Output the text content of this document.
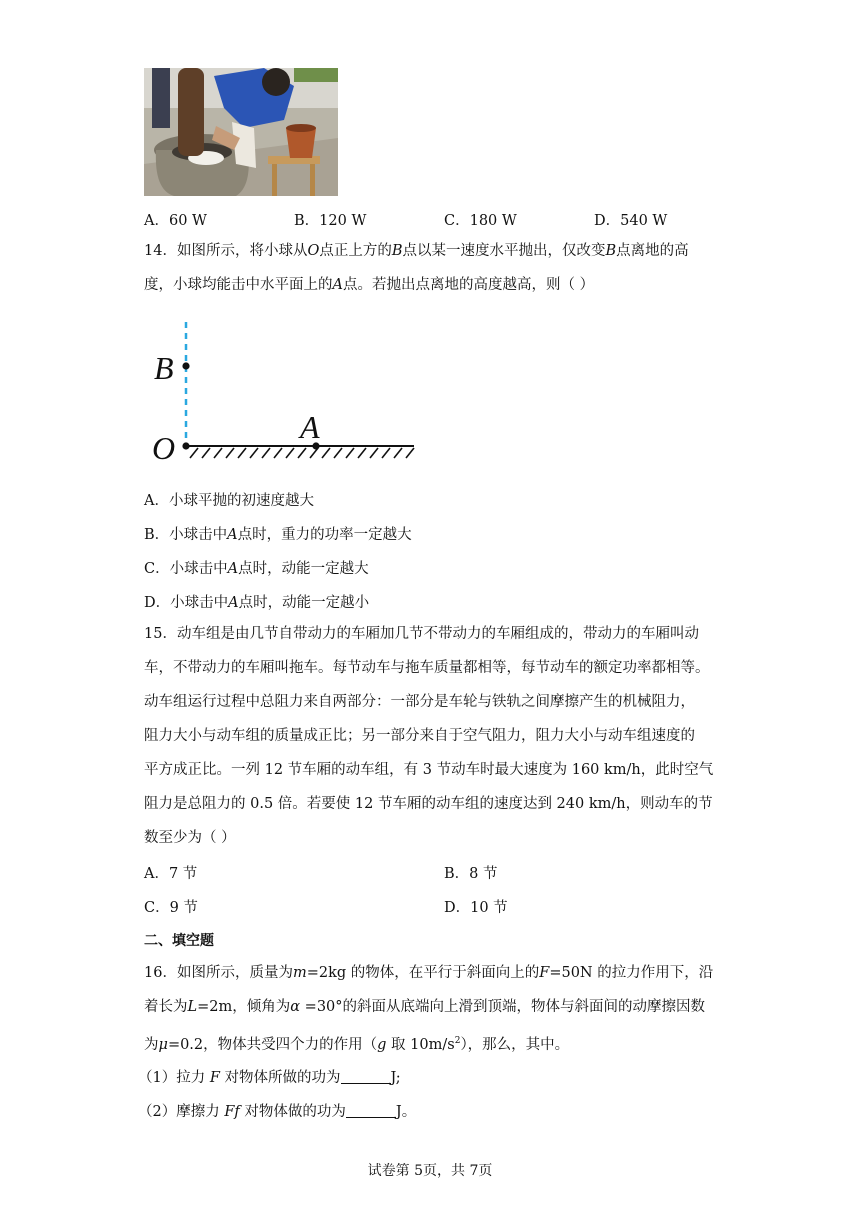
A．60 W	B．120 W	C．180 W	D．540 W
14．如图所示，将小球从O点正上方的B点以某一速度水平抛出，仅改变B点离地的高
度，小球均能击中水平面上的A点。若抛出点离地的高度越高，则（ ）
B
O
A
A．小球平抛的初速度越大
B．小球击中A点时，重力的功率一定越大
C．小球击中A点时，动能一定越大
D．小球击中A点时，动能一定越小
15．动车组是由几节自带动力的车厢加几节不带动力的车厢组成的，带动力的车厢叫动
车，不带动力的车厢叫拖车。每节动车与拖车质量都相等，每节动车的额定功率都相等。
动车组运行过程中总阻力来自两部分：一部分是车轮与铁轨之间摩擦产生的机械阻力，
阻力大小与动车组的质量成正比；另一部分来自于空气阻力，阻力大小与动车组速度的
平方成正比。一列 12 节车厢的动车组，有 3 节动车时最大速度为 160 km/h，此时空气
阻力是总阻力的 0.5 倍。若要使 12 节车厢的动车组的速度达到 240 km/h，则动车的节
数至少为（ ）
A．7 节	B．8 节
C．9 节	D．10 节
二、填空题
16．如图所示，质量为m=2kg 的物体，在平行于斜面向上的F=50N 的拉力作用下，沿
着长为L=2m，倾角为α =30°的斜面从底端向上滑到顶端，物体与斜面间的动摩擦因数
为μ=0.2，物体共受四个力的作用（g 取 $10m/s^2$），那么，其中。
（1）拉力 F 对物体所做的功为	J;
（2）摩擦力 Ff 对物体做的功为	J。
试卷第 5页，共 7页
